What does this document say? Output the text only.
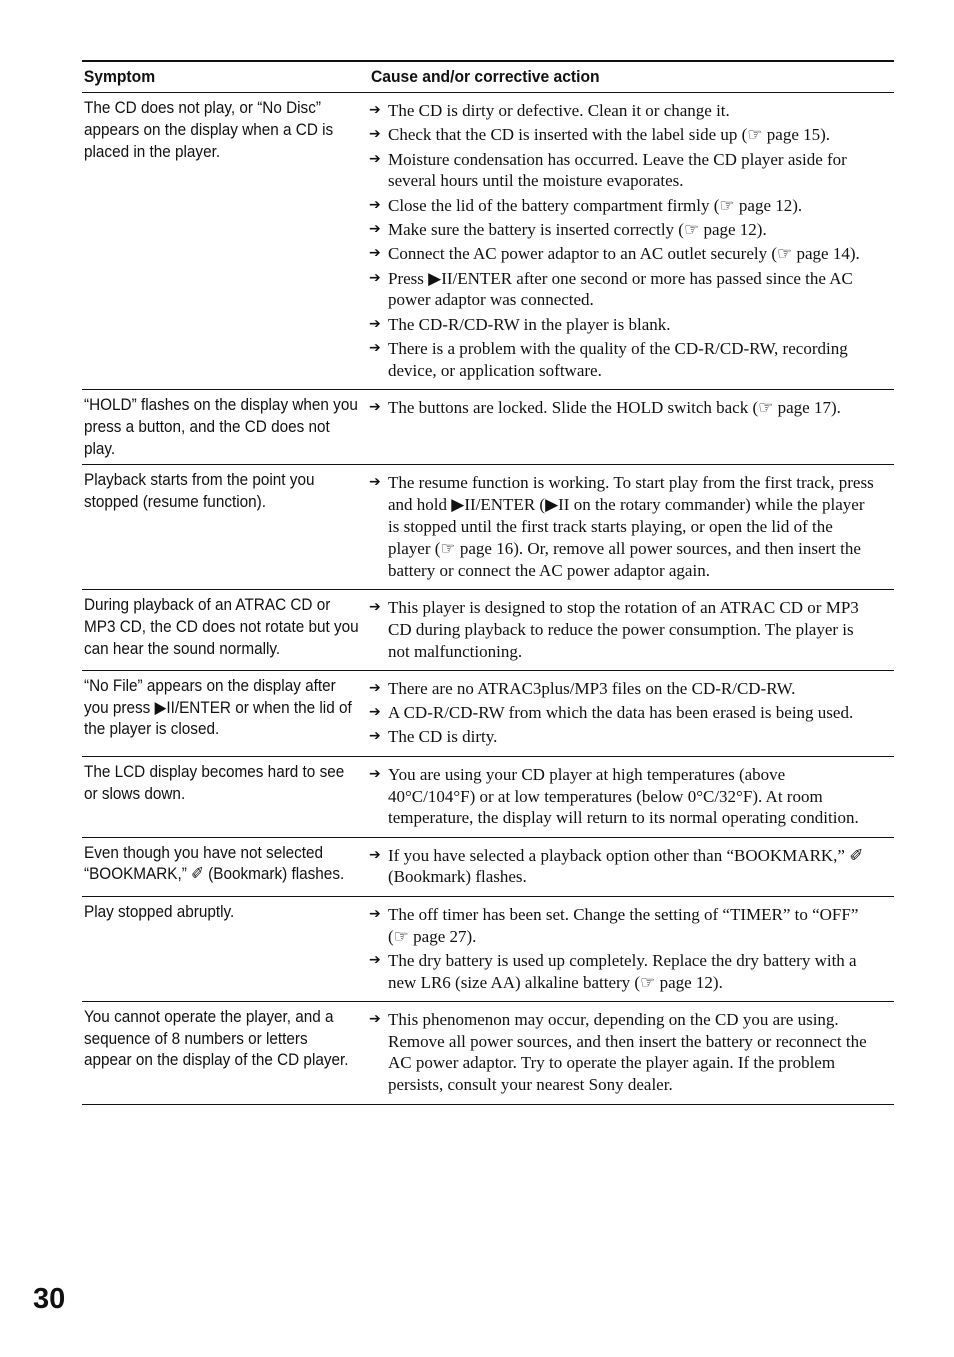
Symptom	Cause and/or corrective action
The CD does not play, or “No Disc” appears on the display when a CD is placed in the player.
➔ The CD is dirty or defective. Clean it or change it.
➔ Check that the CD is inserted with the label side up (☞ page 15).
➔ Moisture condensation has occurred. Leave the CD player aside for several hours until the moisture evaporates.
➔ Close the lid of the battery compartment firmly (☞ page 12).
➔ Make sure the battery is inserted correctly (☞ page 12).
➔ Connect the AC power adaptor to an AC outlet securely (☞ page 14).
➔ Press ▶II/ENTER after one second or more has passed since the AC power adaptor was connected.
➔ The CD-R/CD-RW in the player is blank.
➔ There is a problem with the quality of the CD-R/CD-RW, recording device, or application software.
“HOLD” flashes on the display when you press a button, and the CD does not play.
➔ The buttons are locked. Slide the HOLD switch back (☞ page 17).
Playback starts from the point you stopped (resume function).
➔ The resume function is working. To start play from the first track, press and hold ▶II/ENTER (▶II on the rotary commander) while the player is stopped until the first track starts playing, or open the lid of the player (☞ page 16). Or, remove all power sources, and then insert the battery or connect the AC power adaptor again.
During playback of an ATRAC CD or MP3 CD, the CD does not rotate but you can hear the sound normally.
➔ This player is designed to stop the rotation of an ATRAC CD or MP3 CD during playback to reduce the power consumption. The player is not malfunctioning.
“No File” appears on the display after you press ▶II/ENTER or when the lid of the player is closed.
➔ There are no ATRAC3plus/MP3 files on the CD-R/CD-RW.
➔ A CD-R/CD-RW from which the data has been erased is being used.
➔ The CD is dirty.
The LCD display becomes hard to see or slows down.
➔ You are using your CD player at high temperatures (above 40°C/104°F) or at low temperatures (below 0°C/32°F). At room temperature, the display will return to its normal operating condition.
Even though you have not selected “BOOKMARK,” ✐ (Bookmark) flashes.
➔ If you have selected a playback option other than “BOOKMARK,” ✐ (Bookmark) flashes.
Play stopped abruptly.	➔ The off timer has been set. Change the setting of “TIMER” to “OFF” (☞ page 27).
➔ The dry battery is used up completely. Replace the dry battery with a new LR6 (size AA) alkaline battery (☞ page 12).
You cannot operate the player, and a sequence of 8 numbers or letters appear on the display of the CD player.
➔ This phenomenon may occur, depending on the CD you are using. Remove all power sources, and then insert the battery or reconnect the AC power adaptor. Try to operate the player again. If the problem persists, consult your nearest Sony dealer.
30
